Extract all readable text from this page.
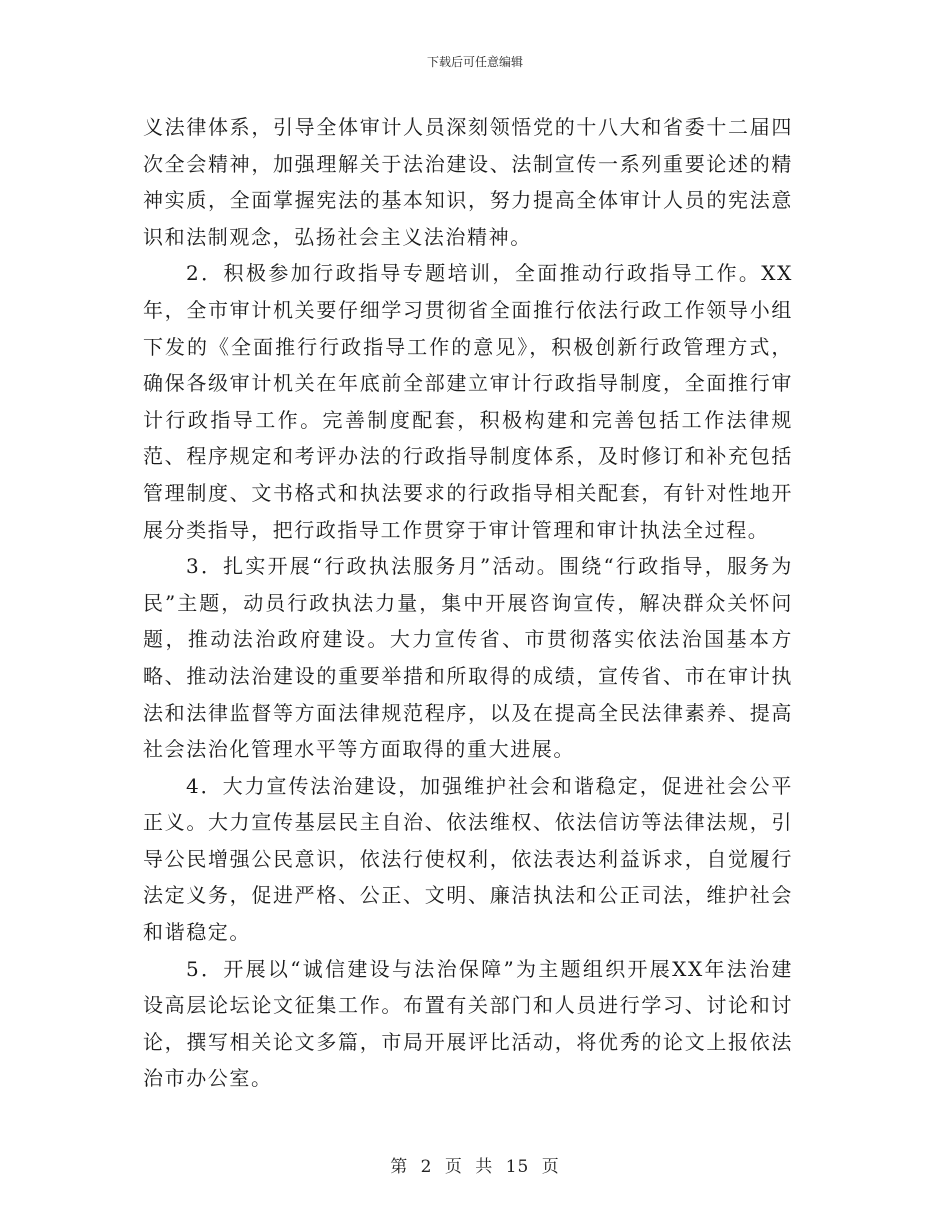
下载后可任意编辑

义法律体系，引导全体审计人员深刻领悟党的十八大和省委十二届四次全会精神，加强理解关于法治建设、法制宣传一系列重要论述的精神实质，全面掌握宪法的基本知识，努力提高全体审计人员的宪法意识和法制观念，弘扬社会主义法治精神。

2．积极参加行政指导专题培训，全面推动行政指导工作。XX年，全市审计机关要仔细学习贯彻省全面推行依法行政工作领导小组下发的《全面推行行政指导工作的意见》，积极创新行政管理方式，确保各级审计机关在年底前全部建立审计行政指导制度，全面推行审计行政指导工作。完善制度配套，积极构建和完善包括工作法律规范、程序规定和考评办法的行政指导制度体系，及时修订和补充包括管理制度、文书格式和执法要求的行政指导相关配套，有针对性地开展分类指导，把行政指导工作贯穿于审计管理和审计执法全过程。

3．扎实开展“行政执法服务月”活动。围绕“行政指导，服务为民”主题，动员行政执法力量，集中开展咨询宣传，解决群众关怀问题，推动法治政府建设。大力宣传省、市贯彻落实依法治国基本方略、推动法治建设的重要举措和所取得的成绩，宣传省、市在审计执法和法律监督等方面法律规范程序，以及在提高全民法律素养、提高社会法治化管理水平等方面取得的重大进展。

4．大力宣传法治建设，加强维护社会和谐稳定，促进社会公平正义。大力宣传基层民主自治、依法维权、依法信访等法律法规，引导公民增强公民意识，依法行使权利，依法表达利益诉求，自觉履行法定义务，促进严格、公正、文明、廉洁执法和公正司法，维护社会和谐稳定。

5．开展以“诚信建设与法治保障”为主题组织开展XX年法治建设高层论坛论文征集工作。布置有关部门和人员进行学习、讨论和讨论，撰写相关论文多篇，市局开展评比活动，将优秀的论文上报依法治市办公室。

第 2 页 共 15 页
